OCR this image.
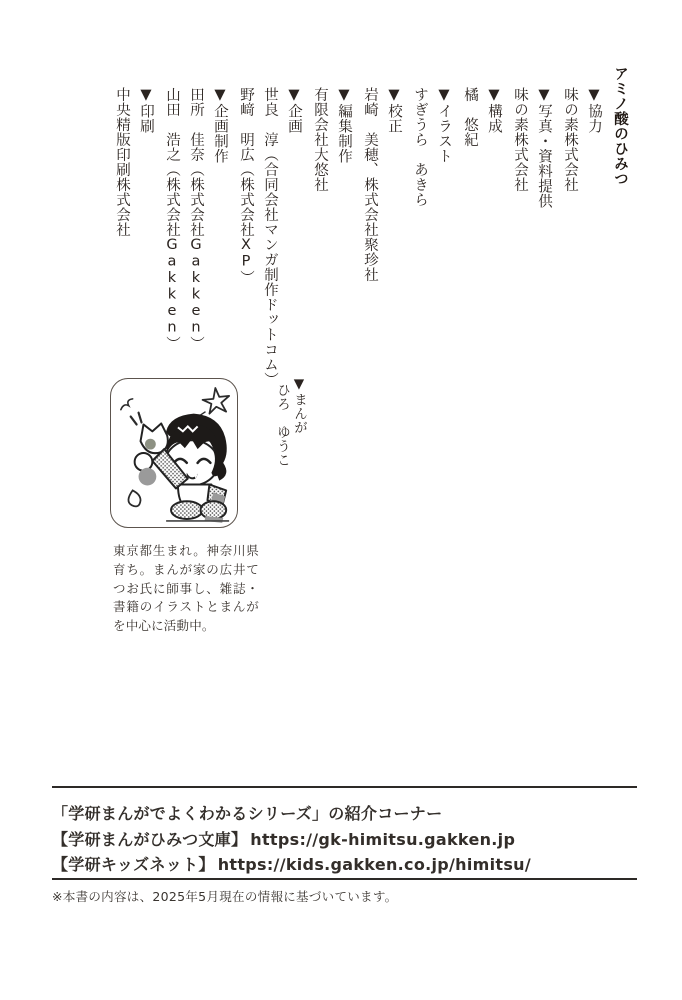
アミノ酸のひみつ
▼協力
味の素株式会社
▼写真・資料提供
味の素株式会社
▼構成
橘　悠紀
▼イラスト
すぎうら　あきら
▼校正
岩崎　美穂、株式会社聚珍社
▼編集制作
有限会社大悠社
▼企画
世良　淳（合同会社マンガ制作ドットコム）
野﨑　明広（株式会社XP）
▼企画制作
田所　佳奈（株式会社Gakken）
山田　浩之（株式会社Gakken）
▼印刷
中央精版印刷株式会社
▼まんが
ひろ　ゆうこ
東京都生まれ。神奈川県育ち。まんが家の広井てつお氏に師事し、雑誌・書籍のイラストとまんがを中心に活動中。
「学研まんがでよくわかるシリーズ」の紹介コーナー
【学研まんがひみつ文庫】 https://gk-himitsu.gakken.jp
【学研キッズネット】 https://kids.gakken.co.jp/himitsu/
※本書の内容は、2025年5月現在の情報に基づいています。
